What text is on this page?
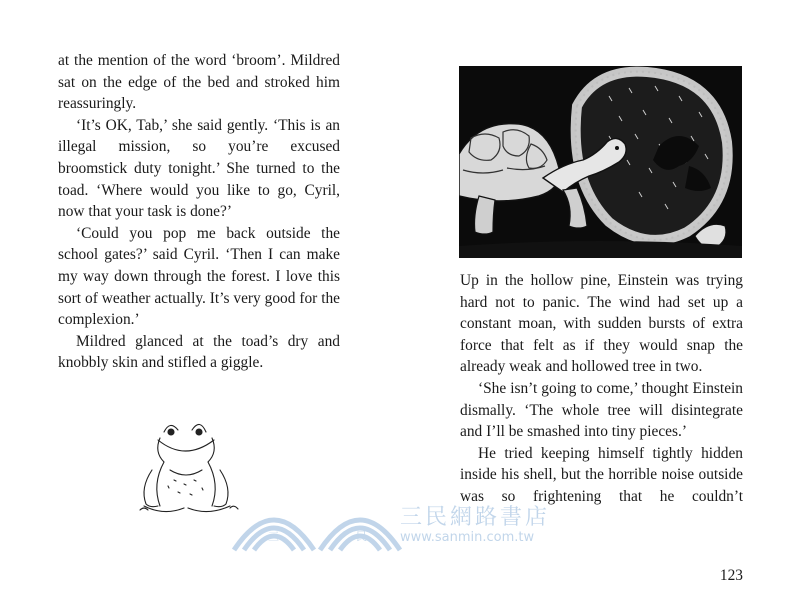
at the mention of the word ‘broom’. Mildred sat on the edge of the bed and stroked him reassuringly.

‘It’s OK, Tab,’ she said gently. ‘This is an illegal mission, so you’re excused broomstick duty tonight.’ She turned to the toad. ‘Where would you like to go, Cyril, now that your task is done?’

‘Could you pop me back outside the school gates?’ said Cyril. ‘Then I can make my way down through the forest. I love this sort of weather actually. It’s very good for the complexion.’

Mildred glanced at the toad’s dry and knobbly skin and stifled a giggle.

Up in the hollow pine, Einstein was trying hard not to panic. The wind had set up a constant moan, with sudden bursts of extra force that felt as if they would snap the already weak and hollowed tree in two.

‘She isn’t going to come,’ thought Einstein dismally. ‘The whole tree will disintegrate and I’ll be smashed into tiny pieces.’

He tried keeping himself tightly hidden inside his shell, but the horrible noise outside was so frightening that he couldn’t

三	民
三民網路書店
www.sanmin.com.tw
123
